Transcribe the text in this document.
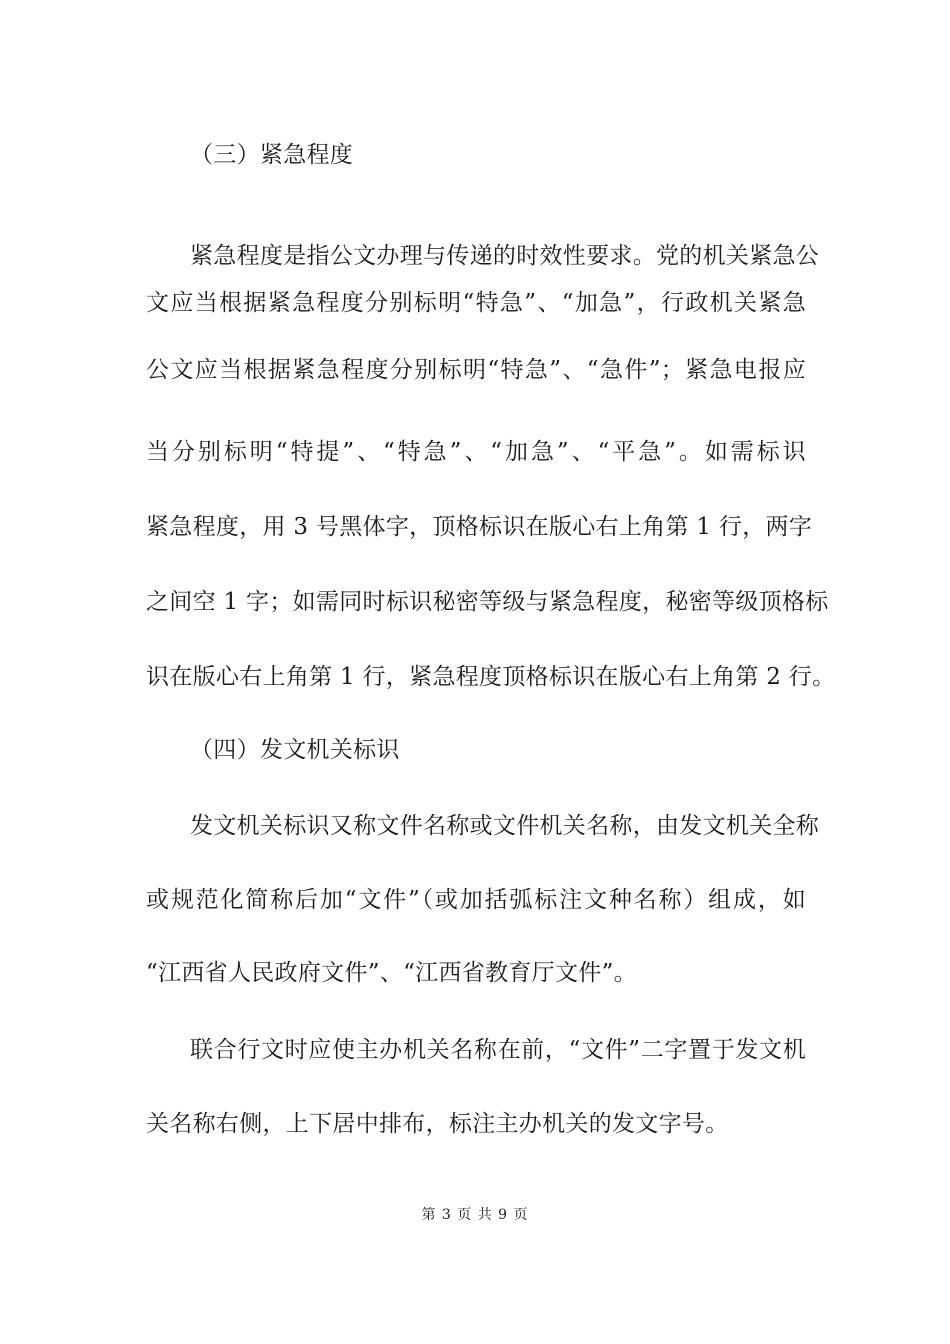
（三）紧急程度
紧急程度是指公文办理与传递的时效性要求。党的机关紧急公
文应当根据紧急程度分别标明“特急”、“加急”，行政机关紧急
公文应当根据紧急程度分别标明“特急”、“急件”；紧急电报应
当分别标明“特提”、“特急”、“加急”、“平急”。如需标识
紧急程度，用 3 号黑体字，顶格标识在版心右上角第 1 行，两字
之间空 1 字；如需同时标识秘密等级与紧急程度，秘密等级顶格标
识在版心右上角第 1 行，紧急程度顶格标识在版心右上角第 2 行。
（四）发文机关标识
发文机关标识又称文件名称或文件机关名称，由发文机关全称
或规范化简称后加“文件”（或加括弧标注文种名称）组成，如
“江西省人民政府文件”、“江西省教育厅文件”。
联合行文时应使主办机关名称在前，“文件”二字置于发文机
关名称右侧，上下居中排布，标注主办机关的发文字号。
第 3 页 共 9 页
